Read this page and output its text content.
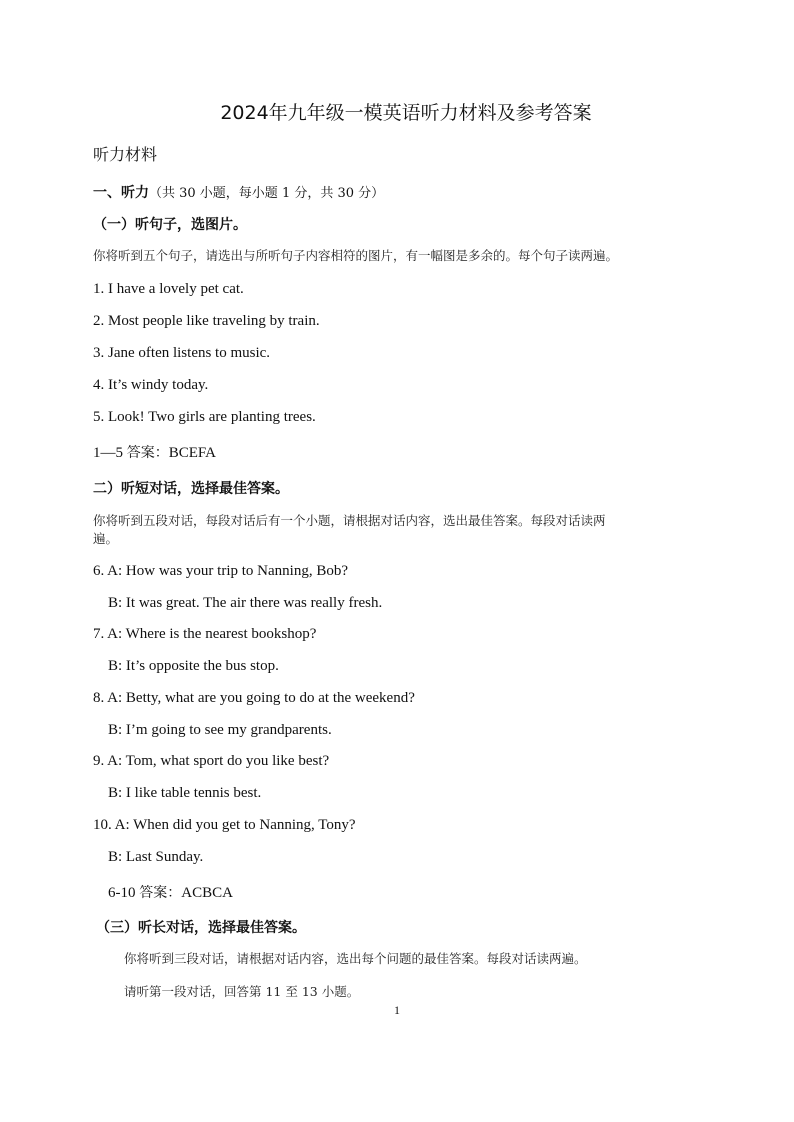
2024年九年级一模英语听力材料及参考答案
听力材料
一、听力（共 30 小题，每小题 1 分，共 30 分）
（一）听句子，选图片。
你将听到五个句子，请选出与所听句子内容相符的图片，有一幅图是多余的。每个句子读两遍。
1. I have a lovely pet cat.
2. Most people like traveling by train.
3. Jane often listens to music.
4. It’s windy today.
5. Look! Two girls are planting trees.
1—5 答案：BCEFA
二）听短对话，选择最佳答案。
你将听到五段对话，每段对话后有一个小题，请根据对话内容，选出最佳答案。每段对话读两
遍。
6. A: How was your trip to Nanning, Bob?
B: It was great. The air there was really fresh.
7. A: Where is the nearest bookshop?
B: It’s opposite the bus stop.
8. A: Betty, what are you going to do at the weekend?
B: I’m going to see my grandparents.
9. A: Tom, what sport do you like best?
B: I like table tennis best.
10. A: When did you get to Nanning, Tony?
B: Last Sunday.
6-10 答案：ACBCA
（三）听长对话，选择最佳答案。
你将听到三段对话，请根据对话内容，选出每个问题的最佳答案。每段对话读两遍。
请听第一段对话，回答第 11 至 13 小题。
1
